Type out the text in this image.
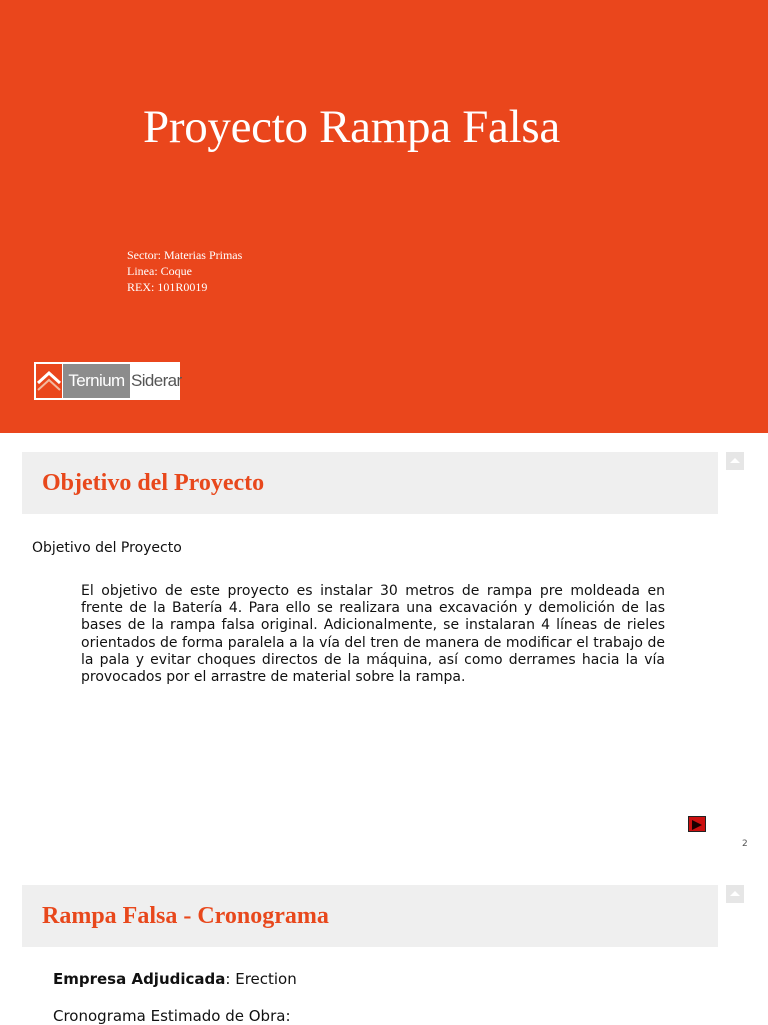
Proyecto Rampa Falsa
Sector: Materias Primas
Linea: Coque
REX: 101R0019
Ternium Siderar
Objetivo del Proyecto
Objetivo del Proyecto
El objetivo de este proyecto es instalar 30 metros de rampa pre moldeada en frente de la Batería 4. Para ello se realizara una excavación y demolición de las bases de la rampa falsa original. Adicionalmente, se instalaran 4 líneas de rieles orientados de forma paralela a la vía del tren de manera de modificar el trabajo de la pala y evitar choques directos de la máquina, así como derrames hacia la vía provocados por el arrastre de material sobre la rampa.
2
Rampa Falsa - Cronograma
Empresa Adjudicada: Erection
Cronograma Estimado de Obra:
